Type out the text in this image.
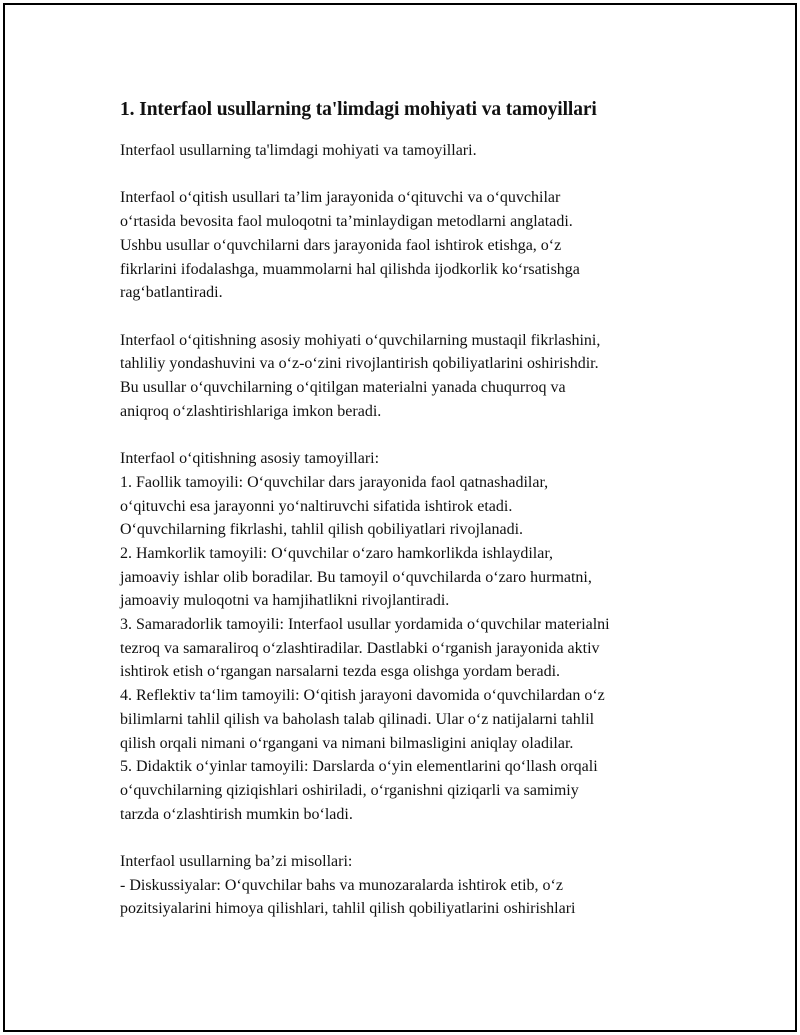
1. Interfaol usullarning ta'limdagi mohiyati va tamoyillari
Interfaol usullarning ta'limdagi mohiyati va tamoyillari.
Interfaol o‘qitish usullari ta’lim jarayonida o‘qituvchi va o‘quvchilar
o‘rtasida bevosita faol muloqotni ta’minlaydigan metodlarni anglatadi.
Ushbu usullar o‘quvchilarni dars jarayonida faol ishtirok etishga, o‘z
fikrlarini ifodalashga, muammolarni hal qilishda ijodkorlik ko‘rsatishga
rag‘batlantiradi.
Interfaol o‘qitishning asosiy mohiyati o‘quvchilarning mustaqil fikrlashini,
tahliliy yondashuvini va o‘z-o‘zini rivojlantirish qobiliyatlarini oshirishdir.
Bu usullar o‘quvchilarning o‘qitilgan materialni yanada chuqurroq va
aniqroq o‘zlashtirishlariga imkon beradi.
Interfaol o‘qitishning asosiy tamoyillari:
1. Faollik tamoyili: O‘quvchilar dars jarayonida faol qatnashadilar,
o‘qituvchi esa jarayonni yo‘naltiruvchi sifatida ishtirok etadi.
O‘quvchilarning fikrlashi, tahlil qilish qobiliyatlari rivojlanadi.
2. Hamkorlik tamoyili: O‘quvchilar o‘zaro hamkorlikda ishlaydilar,
jamoaviy ishlar olib boradilar. Bu tamoyil o‘quvchilarda o‘zaro hurmatni,
jamoaviy muloqotni va hamjihatlikni rivojlantiradi.
3. Samaradorlik tamoyili: Interfaol usullar yordamida o‘quvchilar materialni
tezroq va samaraliroq o‘zlashtiradilar. Dastlabki o‘rganish jarayonida aktiv
ishtirok etish o‘rgangan narsalarni tezda esga olishga yordam beradi.
4. Reflektiv ta‘lim tamoyili: O‘qitish jarayoni davomida o‘quvchilardan o‘z
bilimlarni tahlil qilish va baholash talab qilinadi. Ular o‘z natijalarni tahlil
qilish orqali nimani o‘rgangani va nimani bilmasligini aniqlay oladilar.
5. Didaktik o‘yinlar tamoyili: Darslarda o‘yin elementlarini qo‘llash orqali
o‘quvchilarning qiziqishlari oshiriladi, o‘rganishni qiziqarli va samimiy
tarzda o‘zlashtirish mumkin bo‘ladi.
Interfaol usullarning ba’zi misollari:
- Diskussiyalar: O‘quvchilar bahs va munozaralarda ishtirok etib, o‘z
pozitsiyalarini himoya qilishlari, tahlil qilish qobiliyatlarini oshirishlari
